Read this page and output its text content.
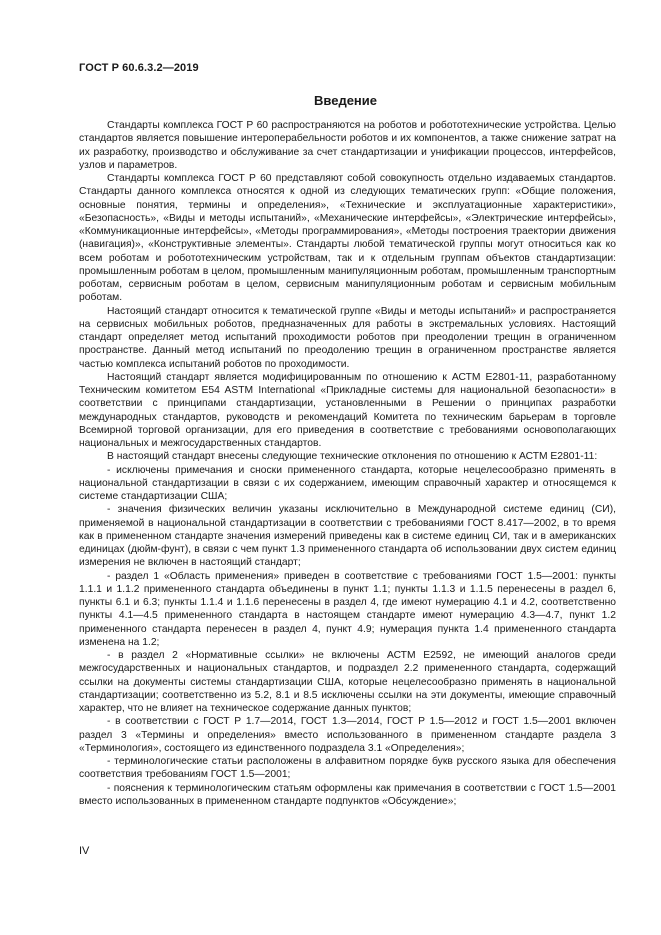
ГОСТ Р 60.6.3.2—2019
Введение

Стандарты комплекса ГОСТ Р 60 распространяются на роботов и робототехнические устройства. Целью стандартов является повышение интероперабельности роботов и их компонентов, а также снижение затрат на их разработку, производство и обслуживание за счет стандартизации и унификации процессов, интерфейсов, узлов и параметров.

Стандарты комплекса ГОСТ Р 60 представляют собой совокупность отдельно издаваемых стандартов. Стандарты данного комплекса относятся к одной из следующих тематических групп: «Общие положения, основные понятия, термины и определения», «Технические и эксплуатационные характеристики», «Безопасность», «Виды и методы испытаний», «Механические интерфейсы», «Электрические интерфейсы», «Коммуникационные интерфейсы», «Методы программирования», «Методы построения траектории движения (навигация)», «Конструктивные элементы». Стандарты любой тематической группы могут относиться как ко всем роботам и робототехническим устройствам, так и к отдельным группам объектов стандартизации: промышленным роботам в целом, промышленным манипуляционным роботам, промышленным транспортным роботам, сервисным роботам в целом, сервисным манипуляционным роботам и сервисным мобильным роботам.

Настоящий стандарт относится к тематической группе «Виды и методы испытаний» и распространяется на сервисных мобильных роботов, предназначенных для работы в экстремальных условиях. Настоящий стандарт определяет метод испытаний проходимости роботов при преодолении трещин в ограниченном пространстве. Данный метод испытаний по преодолению трещин в ограниченном пространстве является частью комплекса испытаний роботов по проходимости.

Настоящий стандарт является модифицированным по отношению к АСТМ Е2801-11, разработанному Техническим комитетом E54 ASTM International «Прикладные системы для национальной безопасности» в соответствии с принципами стандартизации, установленными в Решении о принципах разработки международных стандартов, руководств и рекомендаций Комитета по техническим барьерам в торговле Всемирной торговой организации, для его приведения в соответствие с требованиями основополагающих национальных и межгосударственных стандартов.

В настоящий стандарт внесены следующие технические отклонения по отношению к АСТМ Е2801-11:

- исключены примечания и сноски примененного стандарта, которые нецелесообразно применять в национальной стандартизации в связи с их содержанием, имеющим справочный характер и относящемся к системе стандартизации США;

- значения физических величин указаны исключительно в Международной системе единиц (СИ), применяемой в национальной стандартизации в соответствии с требованиями ГОСТ 8.417—2002, в то время как в примененном стандарте значения измерений приведены как в системе единиц СИ, так и в американских единицах (дюйм-фунт), в связи с чем пункт 1.3 примененного стандарта об использовании двух систем единиц измерения не включен в настоящий стандарт;

- раздел 1 «Область применения» приведен в соответствие с требованиями ГОСТ 1.5—2001: пункты 1.1.1 и 1.1.2 примененного стандарта объединены в пункт 1.1; пункты 1.1.3 и 1.1.5 перенесены в раздел 6, пункты 6.1 и 6.3; пункты 1.1.4 и 1.1.6 перенесены в раздел 4, где имеют нумерацию 4.1 и 4.2, соответственно пункты 4.1—4.5 примененного стандарта в настоящем стандарте имеют нумерацию 4.3—4.7, пункт 1.2 примененного стандарта перенесен в раздел 4, пункт 4.9; нумерация пункта 1.4 примененного стандарта изменена на 1.2;

- в раздел 2 «Нормативные ссылки» не включены АСТМ Е2592, не имеющий аналогов среди межгосударственных и национальных стандартов, и подраздел 2.2 примененного стандарта, содержащий ссылки на документы системы стандартизации США, которые нецелесообразно применять в национальной стандартизации; соответственно из 5.2, 8.1 и 8.5 исключены ссылки на эти документы, имеющие справочный характер, что не влияет на техническое содержание данных пунктов;

- в соответствии с ГОСТ Р 1.7—2014, ГОСТ 1.3—2014, ГОСТ Р 1.5—2012 и ГОСТ 1.5—2001 включен раздел 3 «Термины и определения» вместо использованного в примененном стандарте раздела 3 «Терминология», состоящего из единственного подраздела 3.1 «Определения»;

- терминологические статьи расположены в алфавитном порядке букв русского языка для обеспечения соответствия требованиям ГОСТ 1.5—2001;

- пояснения к терминологическим статьям оформлены как примечания в соответствии с ГОСТ 1.5—2001 вместо использованных в примененном стандарте подпунктов «Обсуждение»;

IV
